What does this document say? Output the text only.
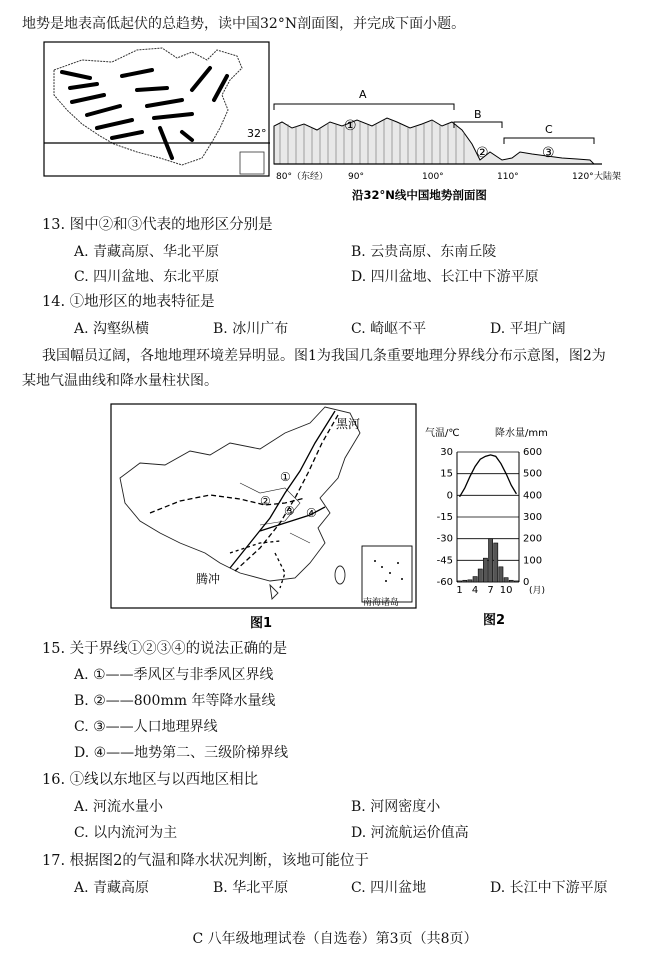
地势是地表高低起伏的总趋势，读中国32°N剖面图，并完成下面小题。
32°
A
B
C
①
②	③
80°（东经） 90°	100°	110°	120° 大陆架
沿32°N线中国地势剖面图
13. 图中②和③代表的地形区分别是
A. 青藏高原、华北平原	B. 云贵高原、东南丘陵
C. 四川盆地、东北平原	D. 四川盆地、长江中下游平原
14. ①地形区的地表特征是
A. 沟壑纵横	B. 冰川广布	C. 崎岖不平	D. 平坦广阔
我国幅员辽阔，各地地理环境差异明显。图1为我国几条重要地理分界线分布示意图，图2为
某地气温曲线和降水量柱状图。
黑河
腾冲
南海诸岛
①
②
③ ④
图1
气温/℃	降水量/mm
(月)
图2
30	600
15	500
0	400
-15	300
-30	200
-45	100
-60	0
1 4 7 10
15. 关于界线①②③④的说法正确的是
A. ①——季风区与非季风区界线
B. ②——800mm 年等降水量线
C. ③——人口地理界线
D. ④——地势第二、三级阶梯界线
16. ①线以东地区与以西地区相比
A. 河流水量小	B. 河网密度小
C. 以内流河为主	D. 河流航运价值高
17. 根据图2的气温和降水状况判断，该地可能位于
A. 青藏高原	B. 华北平原	C. 四川盆地	D. 长江中下游平原
C 八年级地理试卷（自选卷）第3页（共8页）
